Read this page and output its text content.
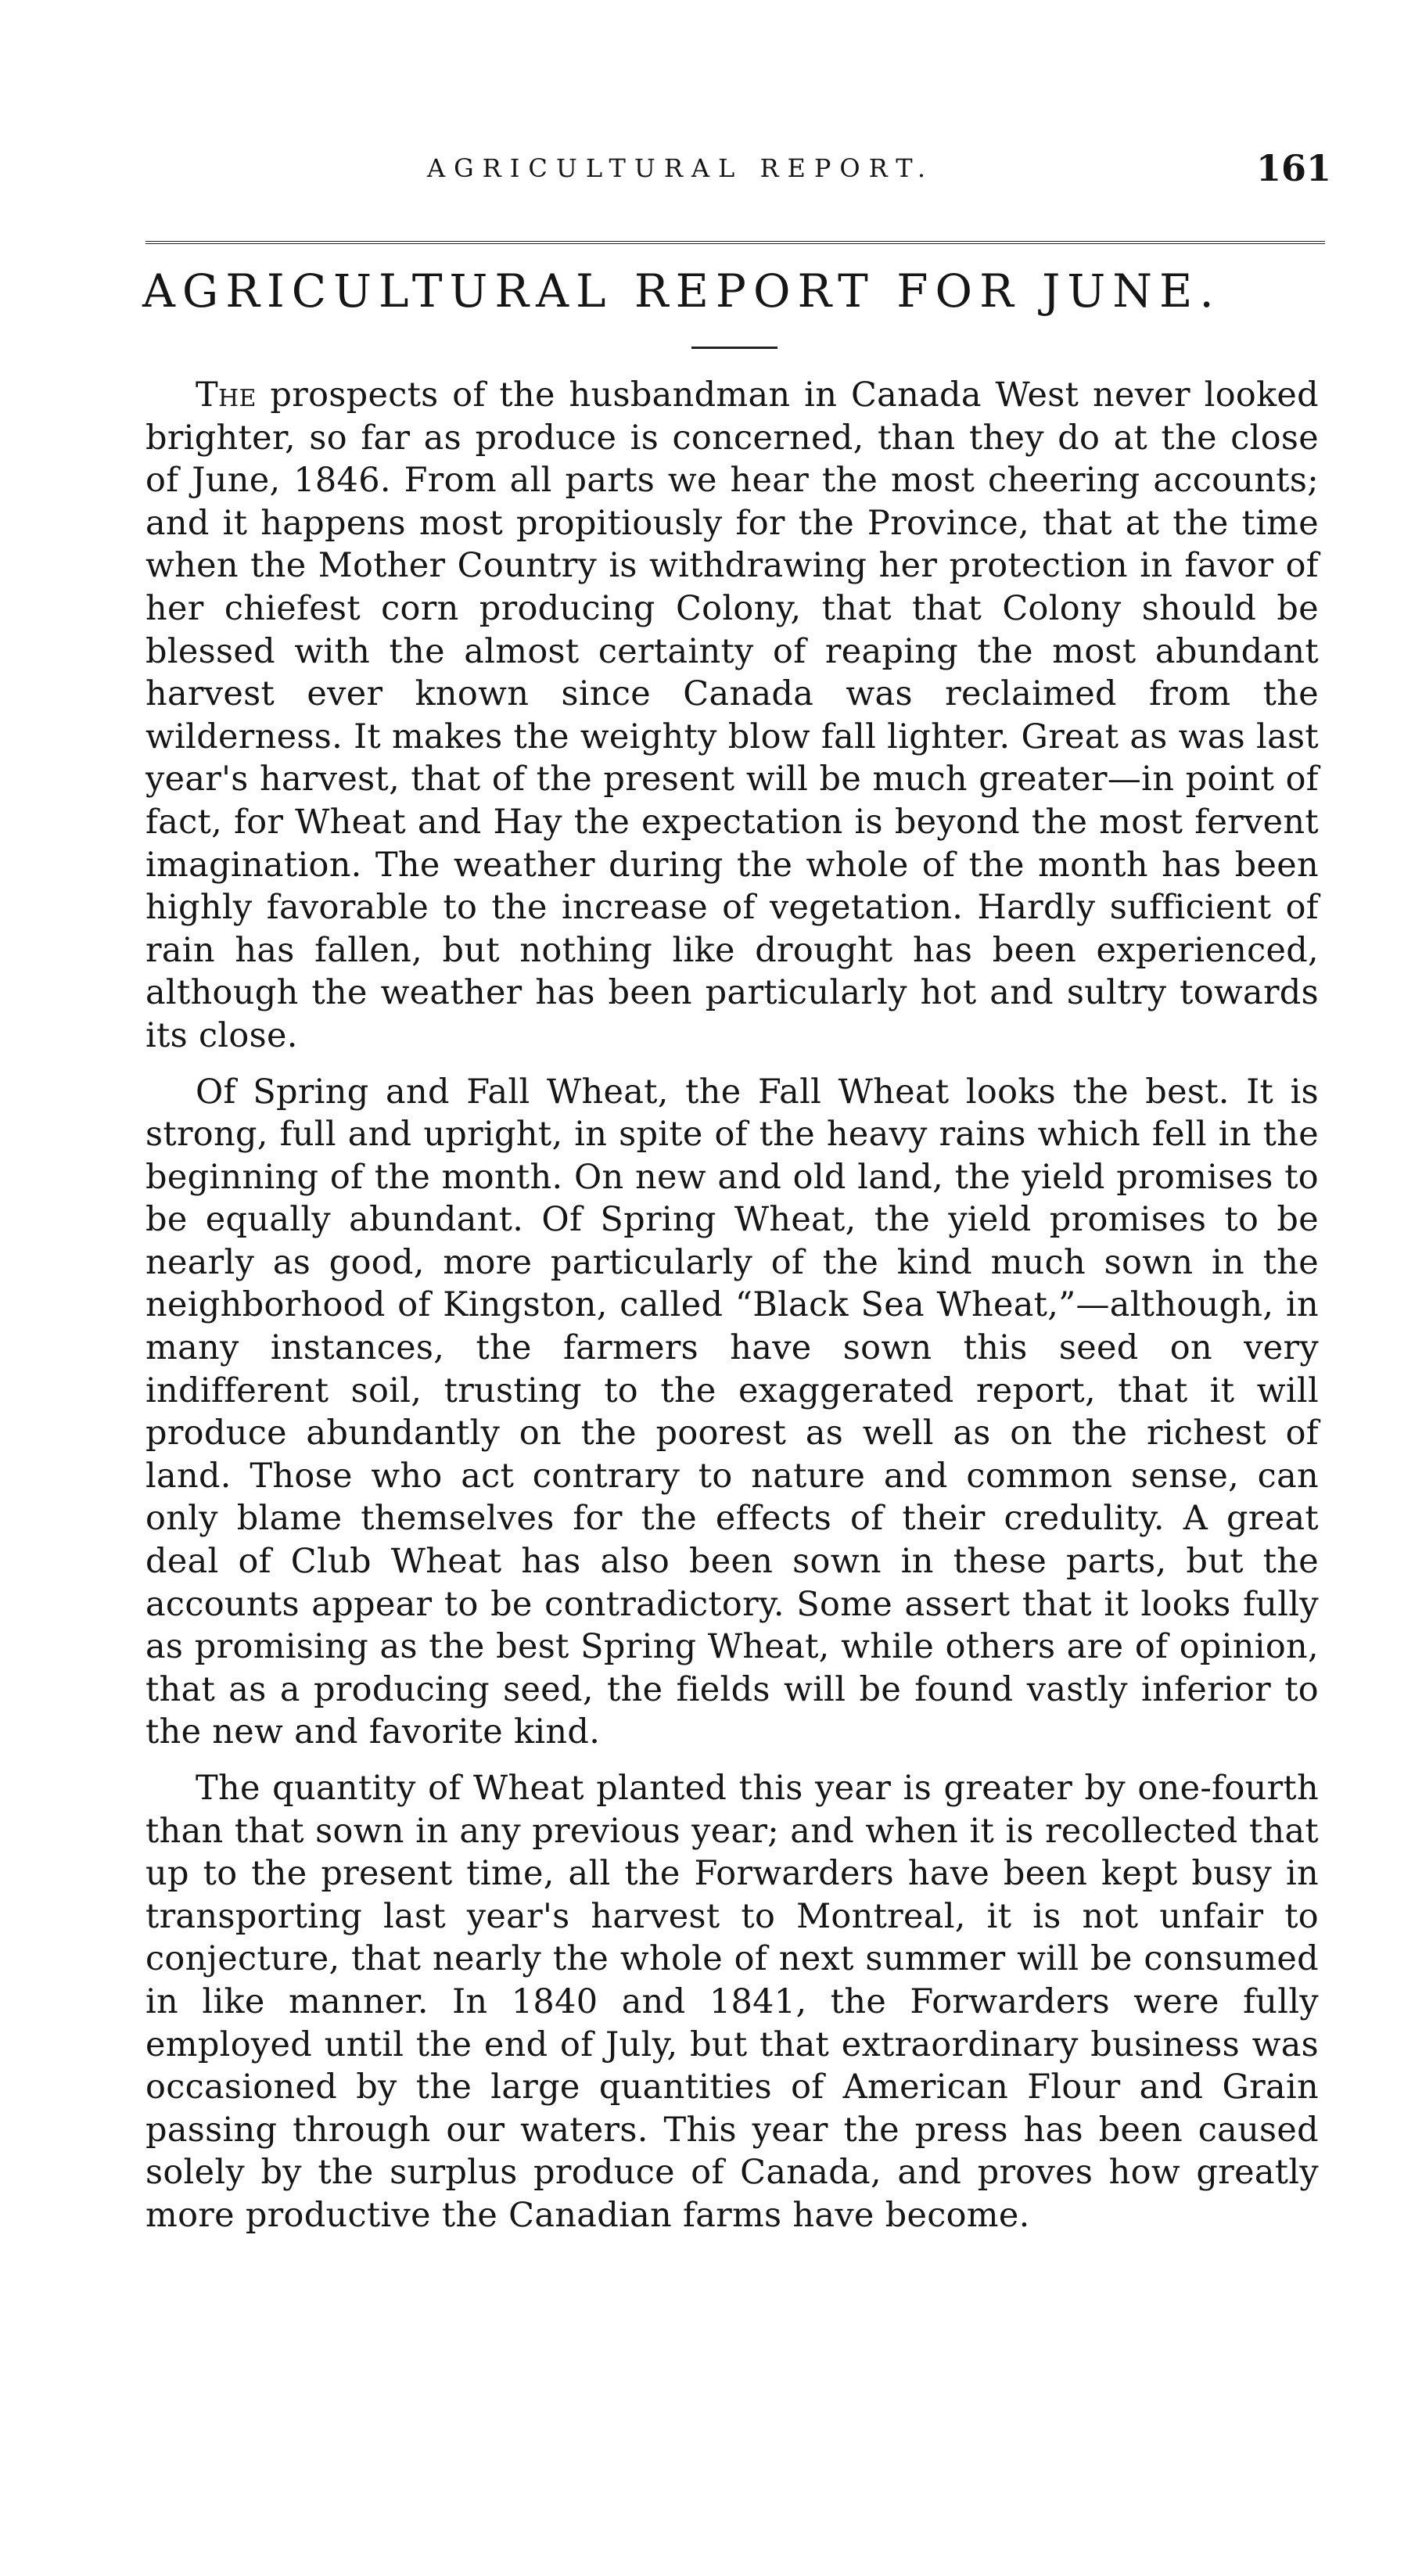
AGRICULTURAL REPORT.	161
AGRICULTURAL REPORT FOR JUNE.

The prospects of the husbandman in Canada West never looked brighter, so far as produce is concerned, than they do at the close of June, 1846. From all parts we hear the most cheering accounts; and it happens most propitiously for the Province, that at the time when the Mother Country is withdrawing her protection in favor of her chiefest corn producing Colony, that that Colony should be blessed with the almost certainty of reaping the most abundant harvest ever known since Canada was reclaimed from the wilderness. It makes the weighty blow fall lighter. Great as was last year's harvest, that of the present will be much greater—in point of fact, for Wheat and Hay the expectation is beyond the most fervent imagination. The weather during the whole of the month has been highly favorable to the increase of vegetation. Hardly sufficient of rain has fallen, but nothing like drought has been experienced, although the weather has been particularly hot and sultry towards its close.

Of Spring and Fall Wheat, the Fall Wheat looks the best. It is strong, full and upright, in spite of the heavy rains which fell in the beginning of the month. On new and old land, the yield promises to be equally abundant. Of Spring Wheat, the yield promises to be nearly as good, more particularly of the kind much sown in the neighborhood of Kingston, called “Black Sea Wheat,”—although, in many instances, the farmers have sown this seed on very indifferent soil, trusting to the exaggerated report, that it will produce abundantly on the poorest as well as on the richest of land. Those who act contrary to nature and common sense, can only blame themselves for the effects of their credulity. A great deal of Club Wheat has also been sown in these parts, but the accounts appear to be contradictory. Some assert that it looks fully as promising as the best Spring Wheat, while others are of opinion, that as a producing seed, the fields will be found vastly inferior to the new and favorite kind.

The quantity of Wheat planted this year is greater by one-fourth than that sown in any previous year; and when it is recollected that up to the present time, all the Forwarders have been kept busy in transporting last year's harvest to Montreal, it is not unfair to conjecture, that nearly the whole of next summer will be consumed in like manner. In 1840 and 1841, the Forwarders were fully employed until the end of July, but that extraordinary business was occasioned by the large quantities of American Flour and Grain passing through our waters. This year the press has been caused solely by the surplus produce of Canada, and proves how greatly more productive the Canadian farms have become.
